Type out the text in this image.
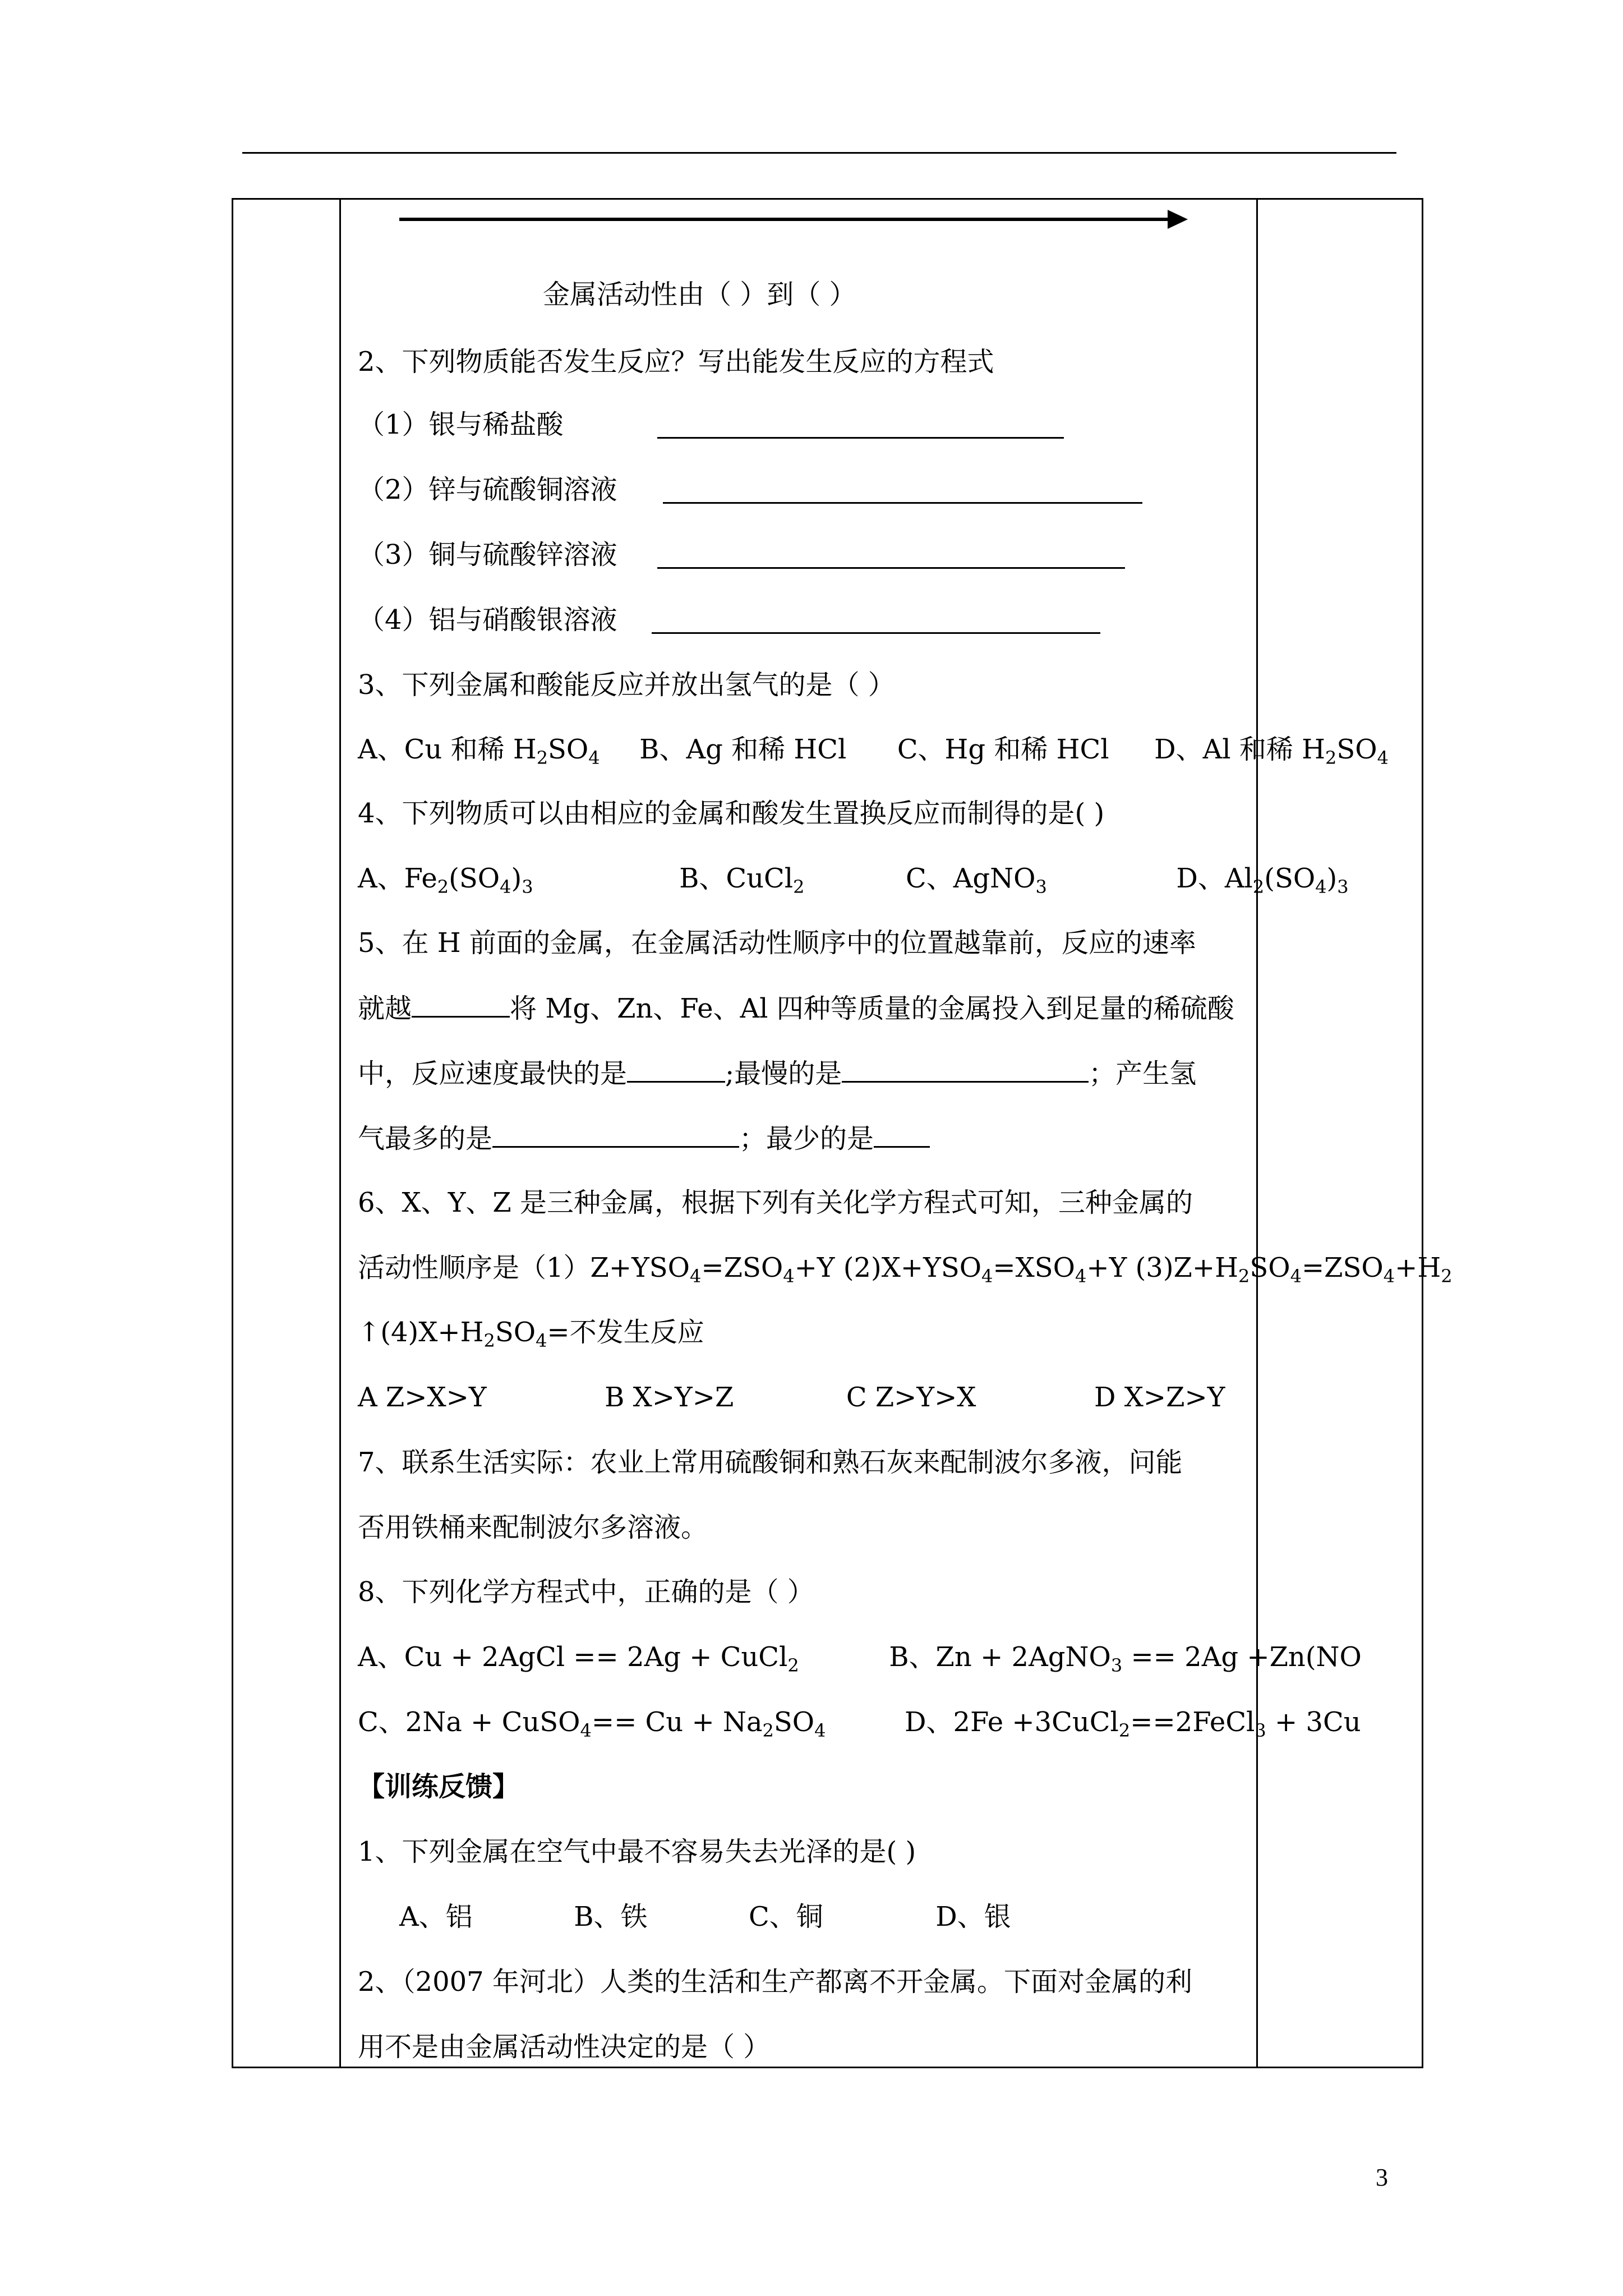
金属活动性由（ ）到（ ）
2、下列物质能否发生反应？写出能发生反应的方程式
（1）银与稀盐酸
（2）锌与硫酸铜溶液
（3）铜与硫酸锌溶液
（4）铝与硝酸银溶液
3、下列金属和酸能反应并放出氢气的是（ ）
A、Cu 和稀 $H_2SO_4$ B、Ag 和稀 HCl C、Hg 和稀 HCl D、Al 和稀 $H_2SO_4$
4、下列物质可以由相应的金属和酸发生置换反应而制得的是( )
A、$Fe_2(SO_4)_3$	B、CuCl$_2$	C、AgNO$_3$	D、$Al_2(SO_4)_3$
5、在 H 前面的金属，在金属活动性顺序中的位置越靠前，反应的速率
就越	将 Mg、Zn、Fe、Al 四种等质量的金属投入到足量的稀硫酸
中，反应速度最快的是	;最慢的是	；产生氢
气最多的是	；最少的是
6、X、Y、Z 是三种金属，根据下列有关化学方程式可知，三种金属的
活动性顺序是$(1)Z+YSO_4=ZSO_4+Y$ $(2)X+YSO_4=XSO_4+Y$ $(3)Z+H_2SO_4=ZSO_4+H_2$
$↑(4)X+H_2SO_4=$不发生反应
A Z>X>Y	B X>Y>Z	C Z>Y>X	D X>Z>Y
7、联系生活实际：农业上常用硫酸铜和熟石灰来配制波尔多液，问能
否用铁桶来配制波尔多溶液。
8、下列化学方程式中，正确的是（ ）
A、Cu + 2AgCl == 2Ag + CuCl$_2$	B、Zn + 2AgNO$_3$ == 2Ag +Zn(NO
C、2Na + CuSO$_4$== $Cu + Na_2SO_4$	D、2Fe +3CuCl$_2$==2FeCl$_3$ + 3Cu
【训练反馈】
1、下列金属在空气中最不容易失去光泽的是( )
A、铝	B、铁	C、铜	D、银
2、（2007 年河北）人类的生活和生产都离不开金属。下面对金属的利
用不是由金属活动性决定的是（ ）
3
